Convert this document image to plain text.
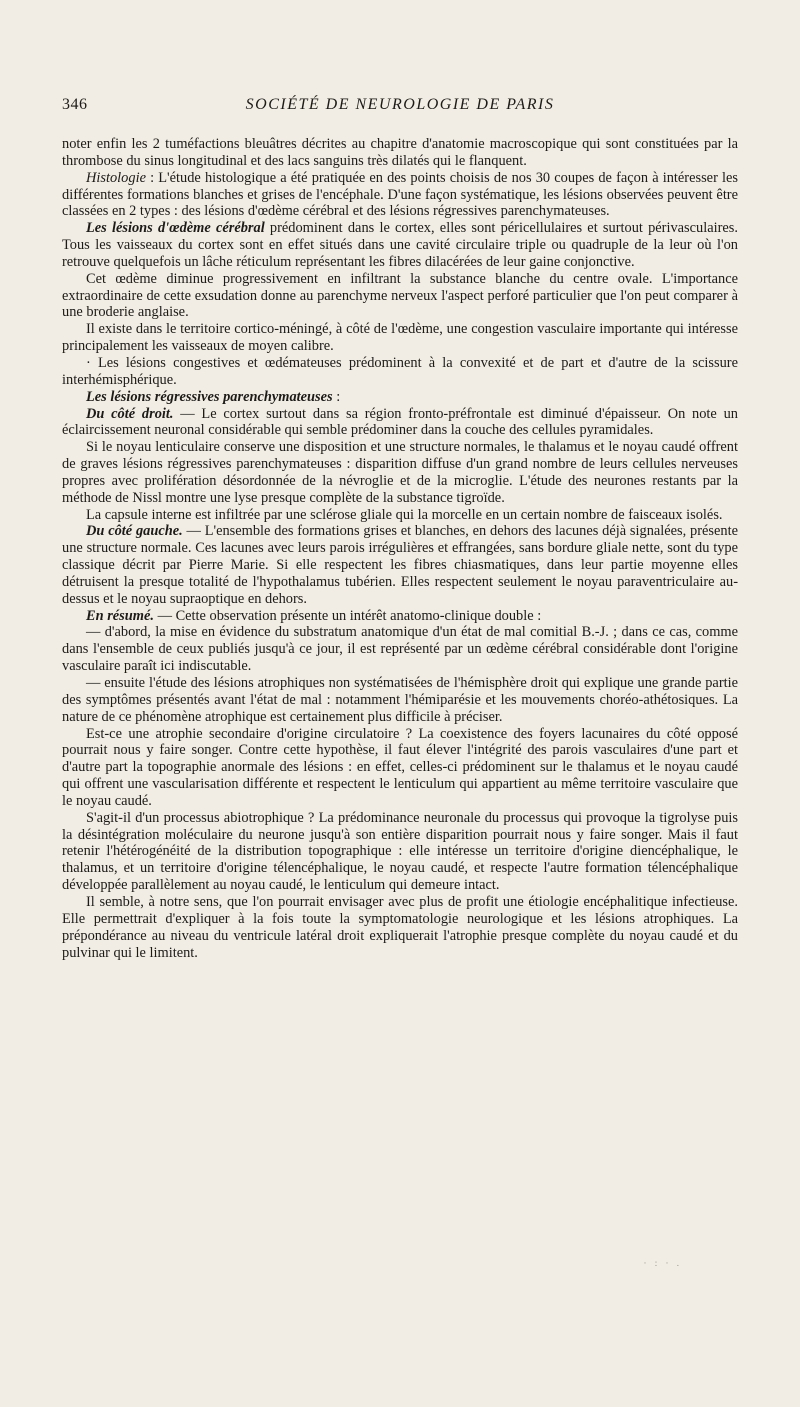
346	SOCIÉTÉ DE NEUROLOGIE DE PARIS

noter enfin les 2 tuméfactions bleuâtres décrites au chapitre d'anatomie macroscopique qui sont constituées par la thrombose du sinus longitudinal et des lacs sanguins très dilatés qui le flanquent.

Histologie : L'étude histologique a été pratiquée en des points choisis de nos 30 coupes de façon à intéresser les différentes formations blanches et grises de l'encéphale. D'une façon systématique, les lésions observées peuvent être classées en 2 types : des lésions d'œdème cérébral et des lésions régressives parenchymateuses.

Les lésions d'œdème cérébral prédominent dans le cortex, elles sont péricellulaires et surtout périvasculaires. Tous les vaisseaux du cortex sont en effet situés dans une cavité circulaire triple ou quadruple de la leur où l'on retrouve quelquefois un lâche réticulum représentant les fibres dilacérées de leur gaine conjonctive.

Cet œdème diminue progressivement en infiltrant la substance blanche du centre ovale. L'importance extraordinaire de cette exsudation donne au parenchyme nerveux l'aspect perforé particulier que l'on peut comparer à une broderie anglaise.

Il existe dans le territoire cortico-méningé, à côté de l'œdème, une congestion vasculaire importante qui intéresse principalement les vaisseaux de moyen calibre.

· Les lésions congestives et œdémateuses prédominent à la convexité et de part et d'autre de la scissure interhémisphérique.

Les lésions régressives parenchymateuses :

Du côté droit. — Le cortex surtout dans sa région fronto-préfrontale est diminué d'épaisseur. On note un éclaircissement neuronal considérable qui semble prédominer dans la couche des cellules pyramidales.

Si le noyau lenticulaire conserve une disposition et une structure normales, le thalamus et le noyau caudé offrent de graves lésions régressives parenchymateuses : disparition diffuse d'un grand nombre de leurs cellules nerveuses propres avec prolifération désordonnée de la névroglie et de la microglie. L'étude des neurones restants par la méthode de Nissl montre une lyse presque complète de la substance tigroïde.

La capsule interne est infiltrée par une sclérose gliale qui la morcelle en un certain nombre de faisceaux isolés.

Du côté gauche. — L'ensemble des formations grises et blanches, en dehors des lacunes déjà signalées, présente une structure normale. Ces lacunes avec leurs parois irrégulières et effrangées, sans bordure gliale nette, sont du type classique décrit par Pierre Marie. Si elle respectent les fibres chiasmatiques, dans leur partie moyenne elles détruisent la presque totalité de l'hypothalamus tubérien. Elles respectent seulement le noyau paraventriculaire au-dessus et le noyau supraoptique en dehors.

En résumé. — Cette observation présente un intérêt anatomo-clinique double :

— d'abord, la mise en évidence du substratum anatomique d'un état de mal comitial B.-J. ; dans ce cas, comme dans l'ensemble de ceux publiés jusqu'à ce jour, il est représenté par un œdème cérébral considérable dont l'origine vasculaire paraît ici indiscutable.

— ensuite l'étude des lésions atrophiques non systématisées de l'hémisphère droit qui explique une grande partie des symptômes présentés avant l'état de mal : notamment l'hémiparésie et les mouvements choréo-athétosiques. La nature de ce phénomène atrophique est certainement plus difficile à préciser.

Est-ce une atrophie secondaire d'origine circulatoire ? La coexistence des foyers lacunaires du côté opposé pourrait nous y faire songer. Contre cette hypothèse, il faut élever l'intégrité des parois vasculaires d'une part et d'autre part la topographie anormale des lésions : en effet, celles-ci prédominent sur le thalamus et le noyau caudé qui offrent une vascularisation différente et respectent le lenticulum qui appartient au même territoire vasculaire que le noyau caudé.

S'agit-il d'un processus abiotrophique ? La prédominance neuronale du processus qui provoque la tigrolyse puis la désintégration moléculaire du neurone jusqu'à son entière disparition pourrait nous y faire songer. Mais il faut retenir l'hétérogénéité de la distribution topographique : elle intéresse un territoire d'origine diencéphalique, le thalamus, et un territoire d'origine télencéphalique, le noyau caudé, et respecte l'autre formation télencéphalique développée parallèlement au noyau caudé, le lenticulum qui demeure intact.

Il semble, à notre sens, que l'on pourrait envisager avec plus de profit une étiologie encéphalitique infectieuse. Elle permettrait d'expliquer à la fois toute la symptomatologie neurologique et les lésions atrophiques. La prépondérance au niveau du ventricule latéral droit expliquerait l'atrophie presque complète du noyau caudé et du pulvinar qui le limitent.

· : · .
